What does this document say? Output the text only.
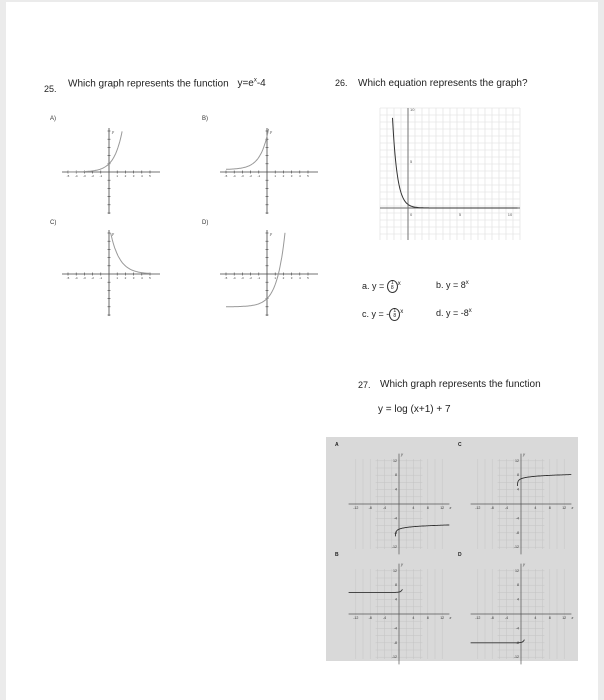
25. Which graph represents the function $y=e^x-4$
A)	B)
C)	D)
-5 -4 -3 -2 -1	1 2 3 4 5
y
-5 -4 -3 -2 -1	1 2 3 4 5
y
-5 -4 -3 -2 -1	1 2 3 4 5
y
-5 -4 -3 -2 -1	1 2 3 4 5
y
26. Which equation represents the graph?
10
5
0	5	10
a. y = 1
8$^x$	b. $y = 8^x$
c. y = - 1
8$^x$	d. $y = -8^x$
27. Which graph represents the function
y = log (x+1) + 7
A	C
B	D
-12	-8	-4	4	8	12
12
8
4
-4
-8
-12
x
y
-12	-8	-4	4	8	12
12
8
4
-4
-8
-12
x
y
-12	-8	-4	4	8	12
12
8
4
-4
-8
-12
x
y
-12	-8	-4	4	8	12
12
8
4
-4
-8
-12
x
y
